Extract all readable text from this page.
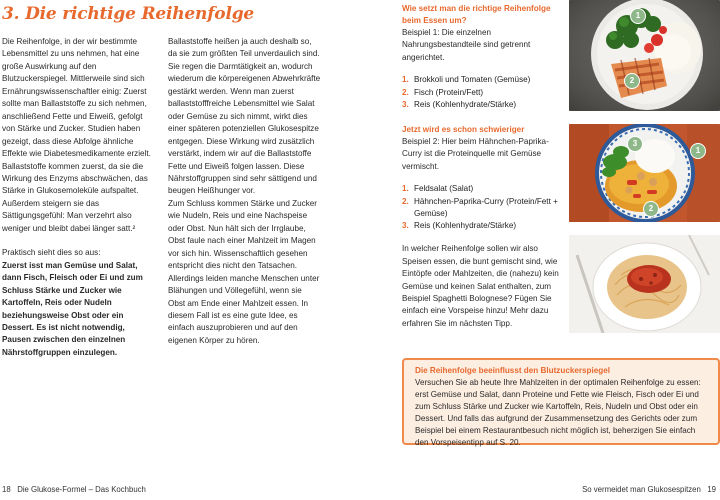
3. Die richtige Reihenfolge

Die Reihenfolge, in der wir bestimmte Lebensmittel zu uns nehmen, hat eine große Auswirkung auf den Blutzuckerspiegel. Mittlerweile sind sich Ernährungswissenschaftler einig: Zuerst sollte man Ballaststoffe zu sich nehmen, anschließend Fette und Eiweiß, gefolgt von Stärke und Zucker. Studien haben gezeigt, dass diese Abfolge ähnliche Effekte wie Diabetesmedikamente erzielt. Ballaststoffe kommen zuerst, da sie die Wirkung des Enzyms abschwächen, das Stärke in Glukosemoleküle aufspaltet. Außerdem steigern sie das Sättigungsgefühl: Man verzehrt also weniger und bleibt dabei länger satt.²

Praktisch sieht dies so aus:

Zuerst isst man Gemüse und Salat, dann Fisch, Fleisch oder Ei und zum Schluss Stärke und Zucker wie Kartoffeln, Reis oder Nudeln beziehungsweise Obst oder ein Dessert. Es ist nicht notwendig, Pausen zwischen den einzelnen Nährstoffgruppen einzulegen.

Ballaststoffe heißen ja auch deshalb so, da sie zum größten Teil unverdaulich sind. Sie regen die Darmtätigkeit an, wodurch wiederum die körpereigenen Abwehrkräfte gestärkt werden. Wenn man zuerst ballaststofffreiche Lebensmittel wie Salat oder Gemüse zu sich nimmt, wirkt dies einer späteren potenziellen Glukosespitze entgegen. Diese Wirkung wird zusätzlich verstärkt, indem wir auf die Ballaststoffe Fette und Eiweiß folgen lassen. Diese Nährstoffgruppen sind sehr sättigend und beugen Heißhunger vor.

Zum Schluss kommen Stärke und Zucker wie Nudeln, Reis und eine Nachspeise oder Obst. Nun hält sich der Irrglaube, Obst faule nach einer Mahlzeit im Magen vor sich hin. Wissenschaftlich gesehen entspricht dies nicht den Tatsachen. Allerdings leiden manche Menschen unter Blähungen und Völlegefühl, wenn sie Obst am Ende einer Mahlzeit essen. In diesem Fall ist es eine gute Idee, es einfach auszuprobieren und auf den eigenen Körper zu hören.

18 Die Glukose-Formel – Das Kochbuch
Wie setzt man die richtige Reihenfolge beim Essen um?
Beispiel 1: Die einzelnen Nahrungsbestandteile sind getrennt angerichtet.
1. Brokkoli und Tomaten (Gemüse)
2. Fisch (Protein/Fett)
3. Reis (Kohlenhydrate/Stärke)
Jetzt wird es schon schwieriger
Beispiel 2: Hier beim Hähnchen-Paprika-Curry ist die Proteinquelle mit Gemüse vermischt.
1. Feldsalat (Salat)
2. Hähnchen-Paprika-Curry (Protein/Fett + Gemüse)
3. Reis (Kohlenhydrate/Stärke)
In welcher Reihenfolge sollen wir also Speisen essen, die bunt gemischt sind, wie Eintöpfe oder Mahlzeiten, die (nahezu) kein Gemüse und keinen Salat enthalten, zum Beispiel Spaghetti Bolognese? Fügen Sie einfach eine Vorspeise hinzu! Mehr dazu erfahren Sie im nächsten Tipp.
1
2
3
1
2
Die Reihenfolge beeinflusst den Blutzuckerspiegel
Versuchen Sie ab heute Ihre Mahlzeiten in der optimalen Reihenfolge zu essen: erst Gemüse und Salat, dann Proteine und Fette wie Fleisch, Fisch oder Ei und zum Schluss Stärke und Zucker wie Kartoffeln, Reis, Nudeln und Obst oder ein Dessert. Und falls das aufgrund der Zusammensetzung des Gerichts oder zum Beispiel bei einem Restaurantbesuch nicht möglich ist, beherzigen Sie einfach den Vorspeisentipp auf S. 20.
So vermeidet man Glukosespitzen 19
